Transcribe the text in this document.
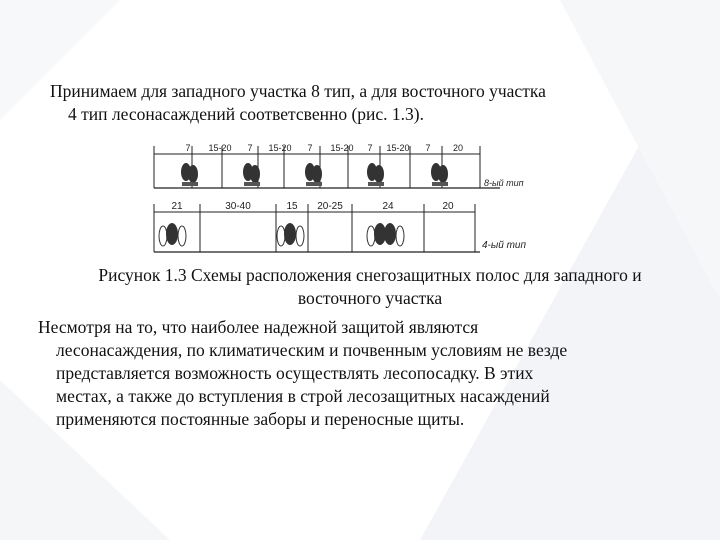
Принимаем для западного участка 8 тип, а для восточного участка
4 тип лесонасаждений соответсвенно (рис. 1.3).
7 15-20 7 15-20 7 15-20 7 15-20 7 20
8-ый тип
21	30-40	15 20-25	24	20
4-ый тип
Рисунок 1.3 Схемы расположения снегозащитных полос для западного и
восточного участка
Несмотря на то, что наиболее надежной защитой являются
лесонасаждения, по климатическим и почвенным условиям не везде
представляется возможность осуществлять лесопосадку. В этих
местах, а также до вступления в строй лесозащитных насаждений
применяются постоянные заборы и переносные щиты.
